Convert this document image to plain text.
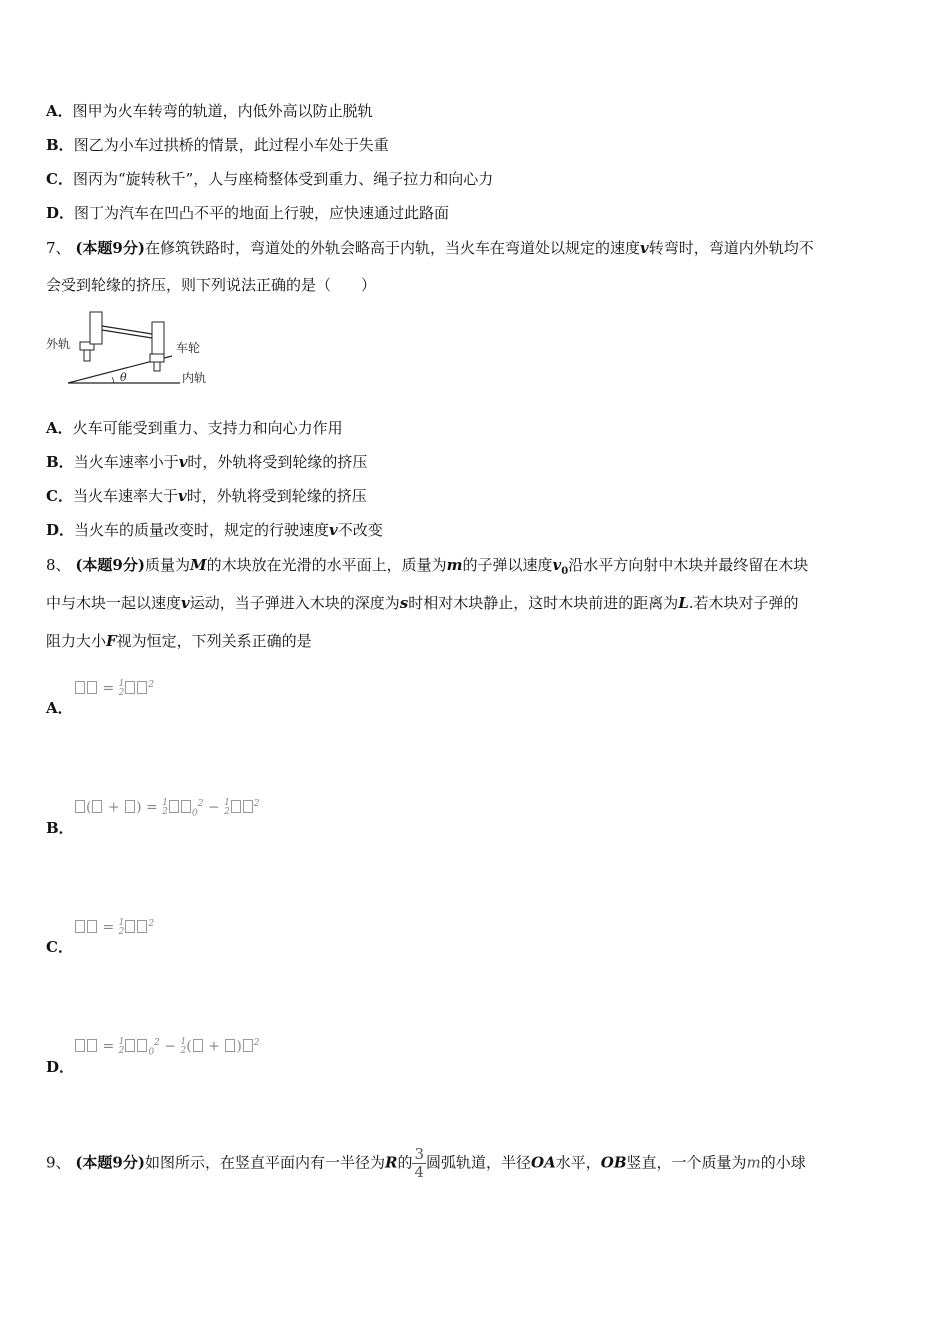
A．图甲为火车转弯的轨道，内低外高以防止脱轨
B．图乙为小车过拱桥的情景，此过程小车处于失重
C．图丙为“旋转秋千”，人与座椅整体受到重力、绳子拉力和向心力
D．图丁为汽车在凹凸不平的地面上行驶，应快速通过此路面
7、 (本题9分)在修筑铁路时，弯道处的外轨会略高于内轨，当火车在弯道处以规定的速度v转弯时，弯道内外轨均不
会受到轮缘的挤压，则下列说法正确的是（　　）
外轨	车轮
内轨
θ
A．火车可能受到重力、支持力和向心力作用
B．当火车速率小于v时，外轨将受到轮缘的挤压
C．当火车速率大于v时，外轨将受到轮缘的挤压
D．当火车的质量改变时，规定的行驶速度v不改变
8、 (本题9分)质量为M的木块放在光滑的水平面上，质量为m的子弹以速度$v_0$沿水平方向射中木块并最终留在木块
中与木块一起以速度v运动，当子弹进入木块的深度为s时相对木块静止，这时木块前进的距离为L.若木块对子弹的
阻力大小F视为恒定，下列关系正确的是
= 1
2
$^2$
A．
( + ) = 1
2	$_0^2$ − 1
2
$^2$
B．
= 1
2
$^2$
C．
= 1
2	$_0^2$ − 1
2 ( + ) $^2$
D．
9、 (本题9分)如图所示，在竖直平面内有一半径为R的 $\frac{3}{4}$ 圆弧轨道，半径OA水平，OB竖直，一个质量为m的小球
